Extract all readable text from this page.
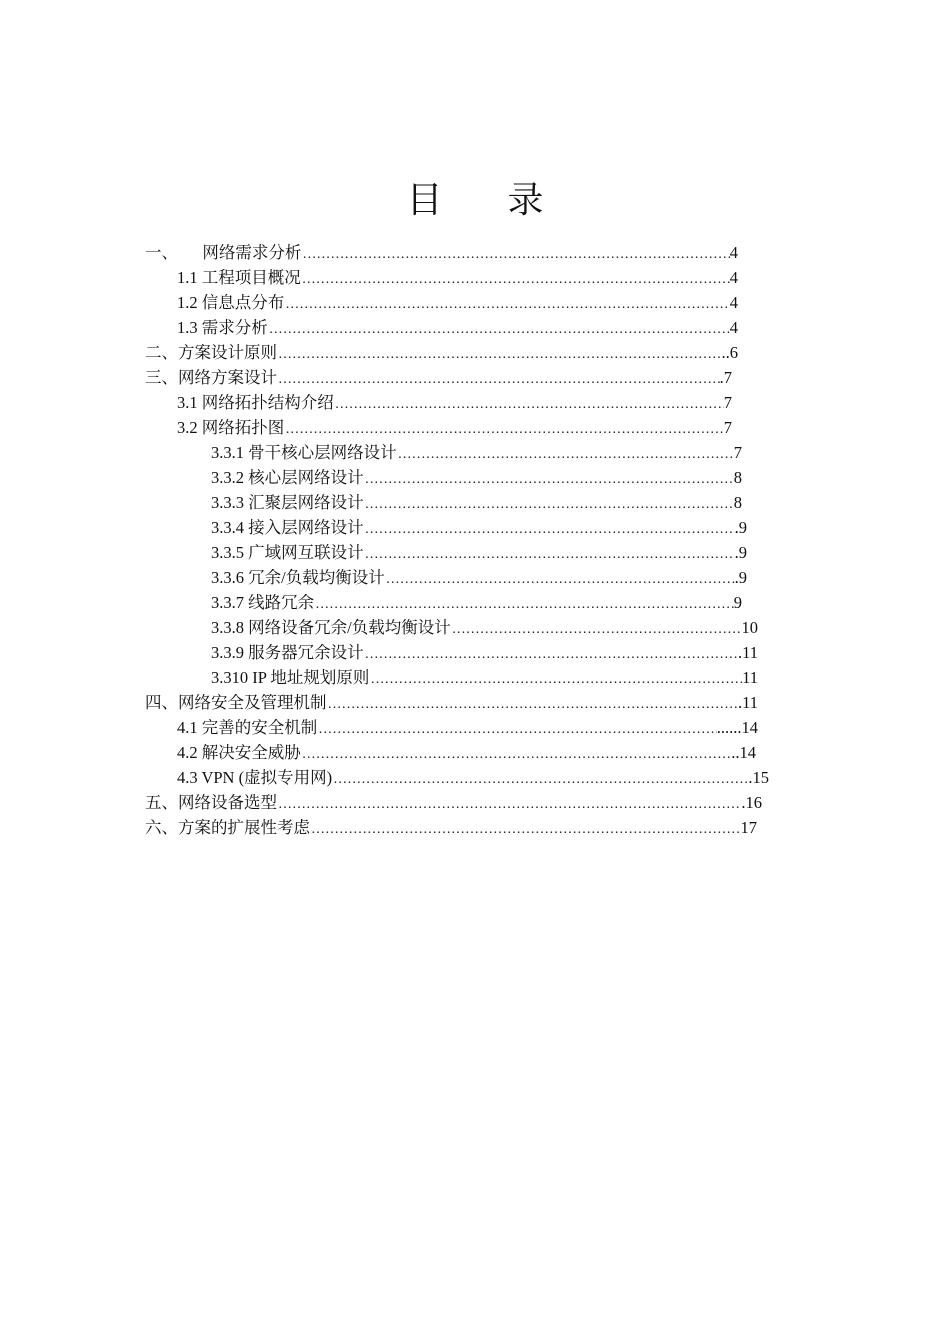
目 录
一、 网络需求分析 …………………………………………………………………………………………………………………………………………………	4
1.1 工程项目概况 …………………………………………………………………………………………………………………………………………………	4
1.2 信息点分布 …………………………………………………………………………………………………………………………………………………	4
1.3 需求分析 …………………………………………………………………………………………………………………………………………………	4
二、方案设计原则 …………………………………………………………………………………………………………………………………………………	..6
三、网络方案设计 …………………………………………………………………………………………………………………………………………………	.7
3.1 网络拓扑结构介绍 …………………………………………………………………………………………………………………………………………………	7
3.2 网络拓扑图 …………………………………………………………………………………………………………………………………………………	7
3.3.1 骨干核心层网络设计 …………………………………………………………………………………………………………………………………………………	7
3.3.2 核心层网络设计 …………………………………………………………………………………………………………………………………………………	8
3.3.3 汇聚层网络设计 …………………………………………………………………………………………………………………………………………………	8
3.3.4 接入层网络设计 …………………………………………………………………………………………………………………………………………………	.9
3.3.5 广域网互联设计 …………………………………………………………………………………………………………………………………………………	.9
3.3.6 冗余/负载均衡设计 …………………………………………………………………………………………………………………………………………………	.9
3.3.7 线路冗余 …………………………………………………………………………………………………………………………………………………	9
3.3.8 网络设备冗余/负载均衡设计 …………………………………………………………………………………………………………………………………………………	10
3.3.9 服务器冗余设计 …………………………………………………………………………………………………………………………………………………	.11
3.310 IP 地址规划原则 …………………………………………………………………………………………………………………………………………………	11
四、网络安全及管理机制 …………………………………………………………………………………………………………………………………………………	.11
4.1 完善的安全机制 …………………………………………………………………………………………………………………………………………………	......14
4.2 解决安全威胁 …………………………………………………………………………………………………………………………………………………	..14
4.3 VPN (虚拟专用网) …………………………………………………………………………………………………………………………………………………	.15
五、网络设备选型 …………………………………………………………………………………………………………………………………………………	.16
六、方案的扩展性考虑 …………………………………………………………………………………………………………………………………………………	17
